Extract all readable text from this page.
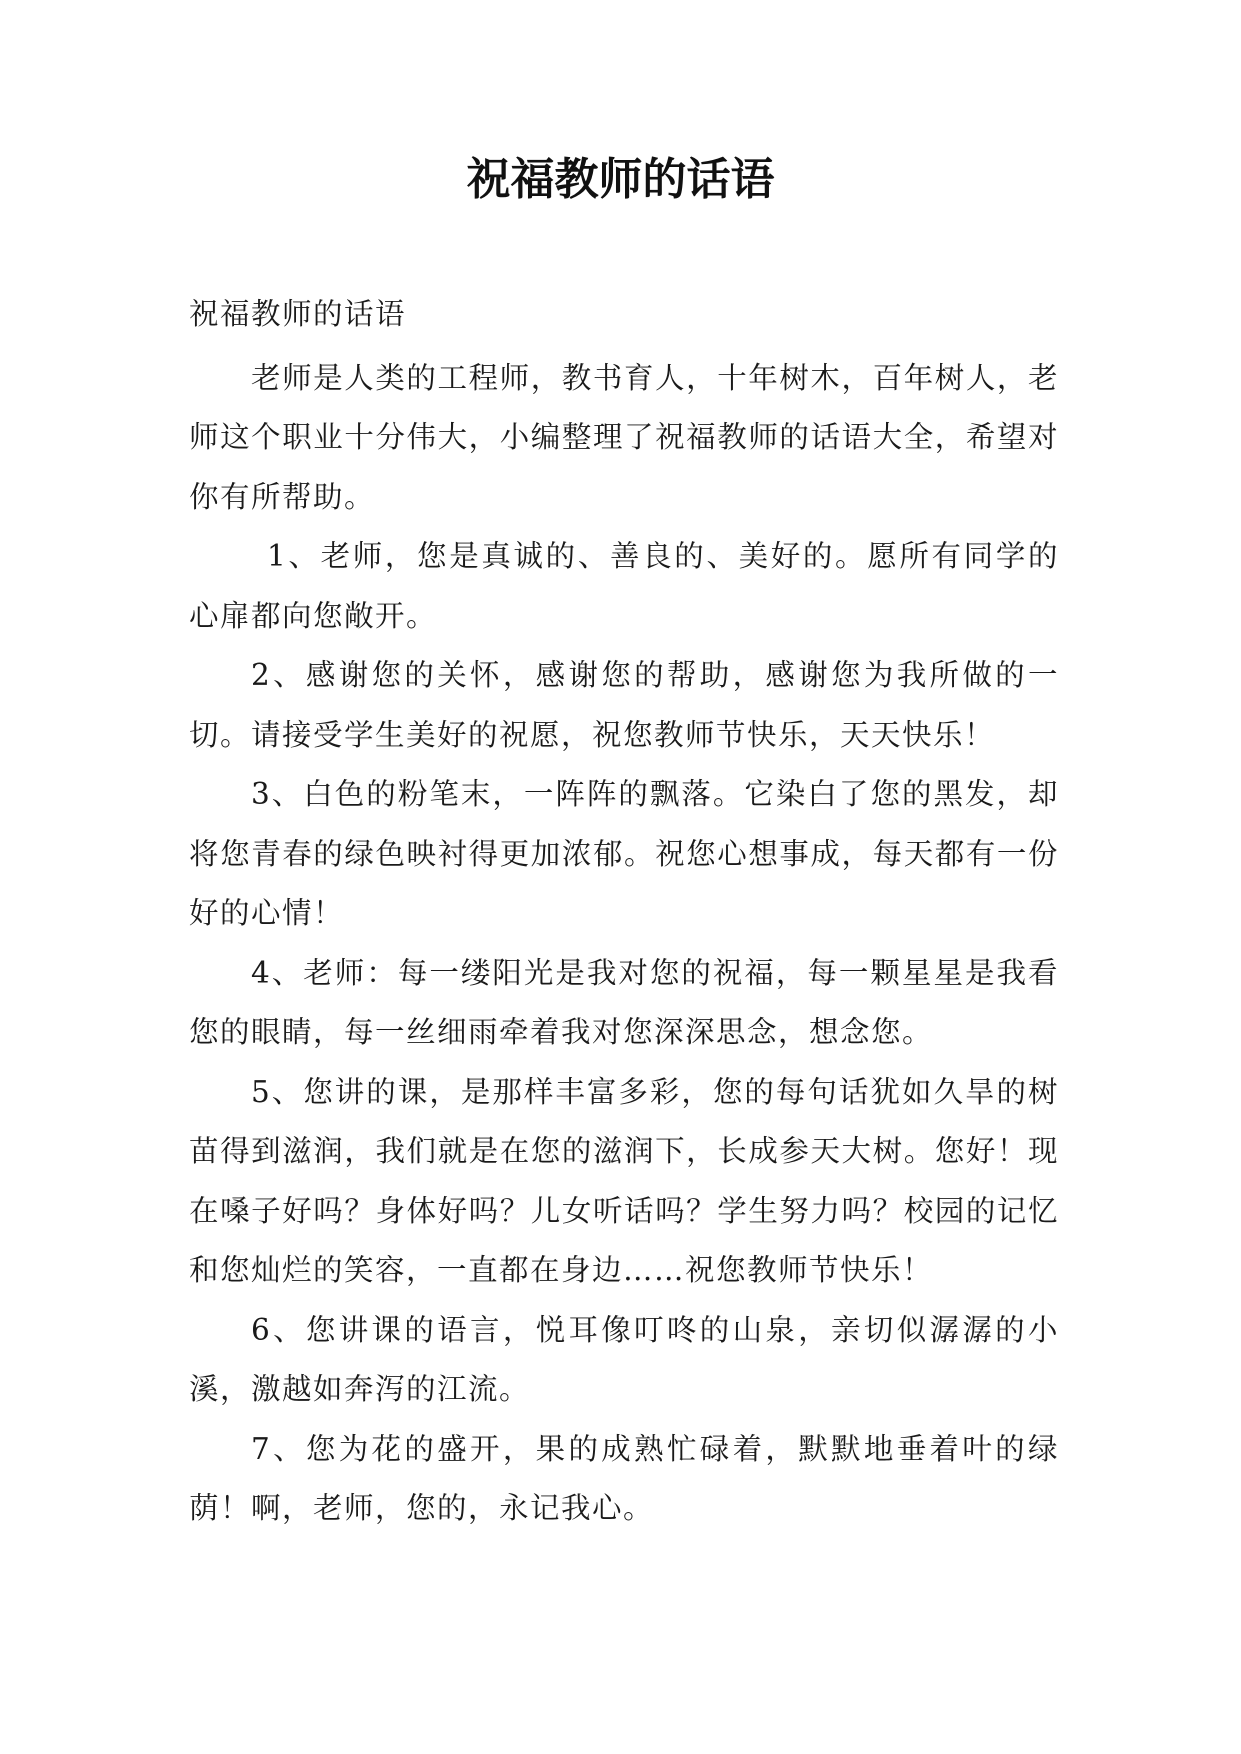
祝福教师的话语

祝福教师的话语

老师是人类的工程师，教书育人，十年树木，百年树人，老师这个职业十分伟大，小编整理了祝福教师的话语大全，希望对你有所帮助。

1、老师，您是真诚的、善良的、美好的。愿所有同学的心扉都向您敞开。

2、感谢您的关怀，感谢您的帮助，感谢您为我所做的一切。请接受学生美好的祝愿，祝您教师节快乐，天天快乐！

3、白色的粉笔末，一阵阵的飘落。它染白了您的黑发，却将您青春的绿色映衬得更加浓郁。祝您心想事成，每天都有一份好的心情！

4、老师：每一缕阳光是我对您的祝福，每一颗星星是我看您的眼睛，每一丝细雨牵着我对您深深思念，想念您。

5、您讲的课，是那样丰富多彩，您的每句话犹如久旱的树苗得到滋润，我们就是在您的滋润下，长成参天大树。您好！现在嗓子好吗？身体好吗？儿女听话吗？学生努力吗？校园的记忆和您灿烂的笑容，一直都在身边……祝您教师节快乐！

6、您讲课的语言，悦耳像叮咚的山泉，亲切似潺潺的小溪，激越如奔泻的江流。

7、您为花的盛开，果的成熟忙碌着，默默地垂着叶的绿荫！啊，老师，您的，永记我心。
